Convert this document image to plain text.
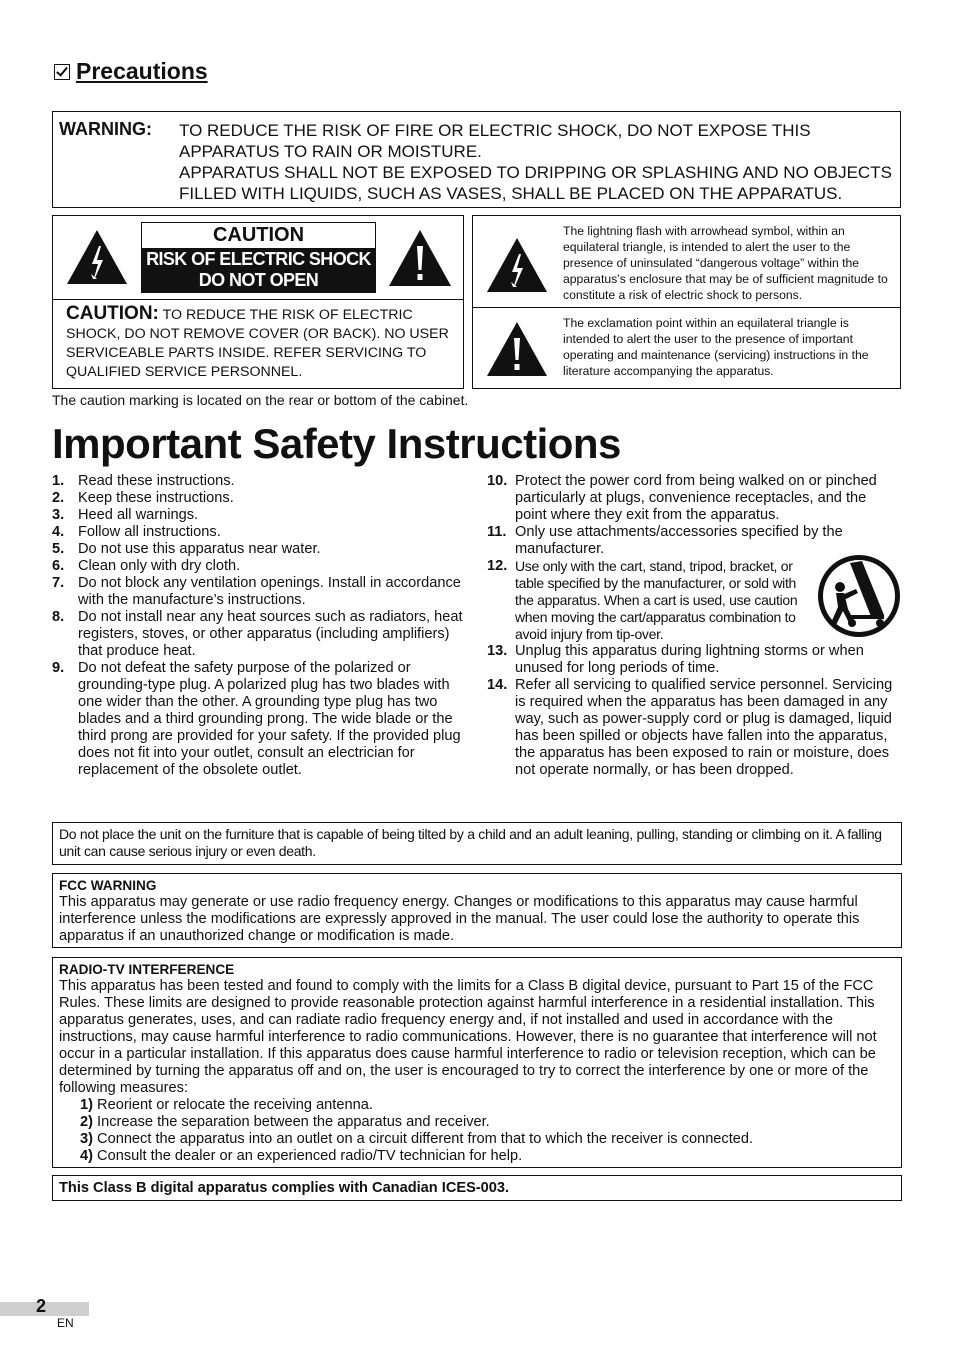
Precautions
WARNING: TO REDUCE THE RISK OF FIRE OR ELECTRIC SHOCK, DO NOT EXPOSE THIS APPARATUS TO RAIN OR MOISTURE.

APPARATUS SHALL NOT BE EXPOSED TO DRIPPING OR SPLASHING AND NO OBJECTS FILLED WITH LIQUIDS, SUCH AS VASES, SHALL BE PLACED ON THE APPARATUS.

CAUTION
RISK OF ELECTRIC SHOCK
DO NOT OPEN
CAUTION: TO REDUCE THE RISK OF ELECTRIC SHOCK, DO NOT REMOVE COVER (OR BACK). NO USER SERVICEABLE PARTS INSIDE. REFER SERVICING TO QUALIFIED SERVICE PERSONNEL.
The lightning flash with arrowhead symbol, within an equilateral triangle, is intended to alert the user to the presence of uninsulated “dangerous voltage” within the apparatus’s enclosure that may be of sufficient magnitude to constitute a risk of electric shock to persons.
The exclamation point within an equilateral triangle is intended to alert the user to the presence of important operating and maintenance (servicing) instructions in the literature accompanying the apparatus.
The caution marking is located on the rear or bottom of the cabinet.
Important Safety Instructions
1. Read these instructions.
2. Keep these instructions.
3. Heed all warnings.
4. Follow all instructions.
5. Do not use this apparatus near water.
6. Clean only with dry cloth.
7. Do not block any ventilation openings. Install in accordance with the manufacture’s instructions.
8. Do not install near any heat sources such as radiators, heat registers, stoves, or other apparatus (including amplifiers) that produce heat.
9. Do not defeat the safety purpose of the polarized or grounding-type plug. A polarized plug has two blades with one wider than the other. A grounding type plug has two blades and a third grounding prong. The wide blade or the third prong are provided for your safety. If the provided plug does not fit into your outlet, consult an electrician for replacement of the obsolete outlet.
10. Protect the power cord from being walked on or pinched particularly at plugs, convenience receptacles, and the point where they exit from the apparatus.
11. Only use attachments/accessories specified by the manufacturer.
12. Use only with the cart, stand, tripod, bracket, or table specified by the manufacturer, or sold with the apparatus. When a cart is used, use caution when moving the cart/apparatus combination to avoid injury from tip-over.
13. Unplug this apparatus during lightning storms or when unused for long periods of time.
14. Refer all servicing to qualified service personnel. Servicing is required when the apparatus has been damaged in any way, such as power-supply cord or plug is damaged, liquid has been spilled or objects have fallen into the apparatus, the apparatus has been exposed to rain or moisture, does not operate normally, or has been dropped.
Do not place the unit on the furniture that is capable of being tilted by a child and an adult leaning, pulling, standing or climbing on it. A falling unit can cause serious injury or even death.
FCC WARNING
This apparatus may generate or use radio frequency energy. Changes or modifications to this apparatus may cause harmful interference unless the modifications are expressly approved in the manual. The user could lose the authority to operate this apparatus if an unauthorized change or modification is made.
RADIO-TV INTERFERENCE
This apparatus has been tested and found to comply with the limits for a Class B digital device, pursuant to Part 15 of the FCC Rules. These limits are designed to provide reasonable protection against harmful interference in a residential installation. This apparatus generates, uses, and can radiate radio frequency energy and, if not installed and used in accordance with the instructions, may cause harmful interference to radio communications. However, there is no guarantee that interference will not occur in a particular installation. If this apparatus does cause harmful interference to radio or television reception, which can be determined by turning the apparatus off and on, the user is encouraged to try to correct the interference by one or more of the following measures:
1) Reorient or relocate the receiving antenna.
2) Increase the separation between the apparatus and receiver.
3) Connect the apparatus into an outlet on a circuit different from that to which the receiver is connected.
4) Consult the dealer or an experienced radio/TV technician for help.
This Class B digital apparatus complies with Canadian ICES-003.
2
EN
